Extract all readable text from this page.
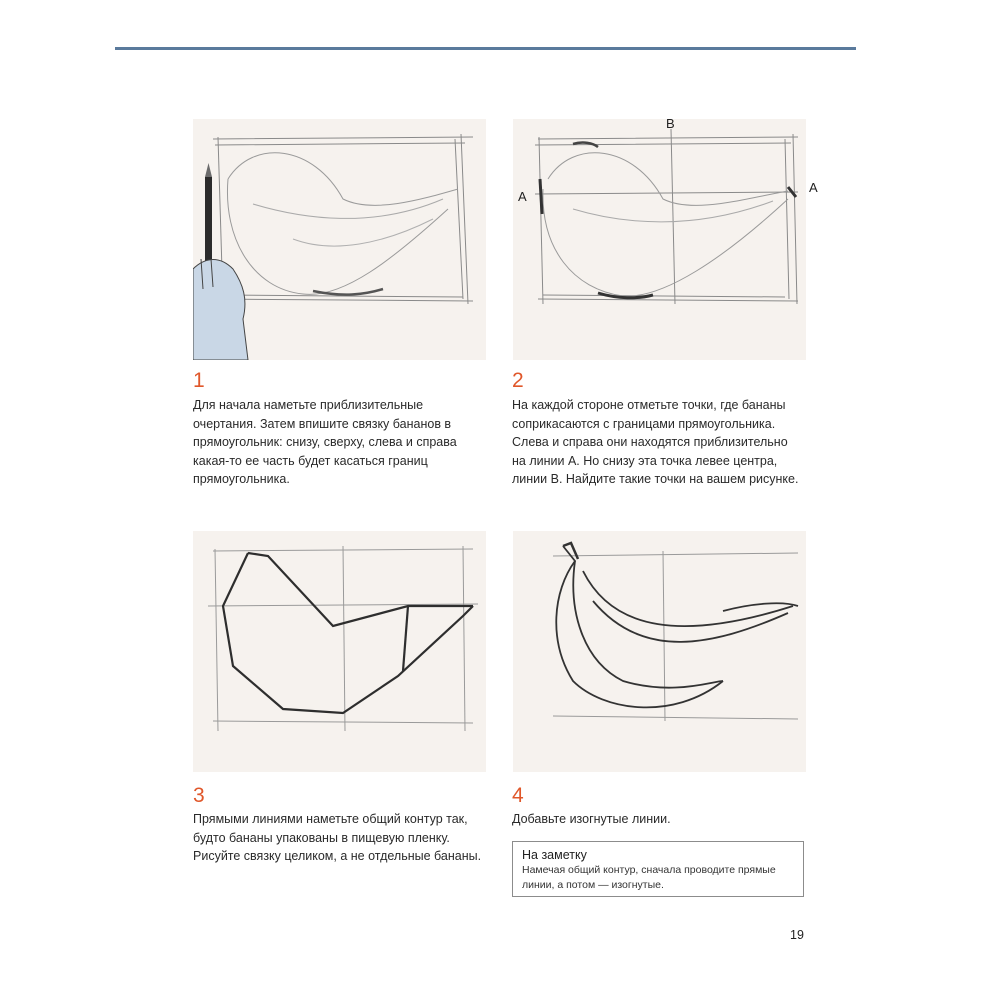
B
A
A
1	2
3	4
Для начала наметьте приблизительные очертания. Затем впишите связку бананов в прямоугольник: снизу, сверху, слева и справа какая-то ее часть будет касаться границ прямоугольника.
На каждой стороне отметьте точки, где бананы соприкасаются с границами прямоугольника. Слева и справа они находятся приблизительно на линии А. Но снизу эта точка левее центра, линии В. Найдите такие точки на вашем рисунке.
Прямыми линиями наметьте общий контур так, будто бананы упакованы в пищевую пленку. Рисуйте связку целиком, а не отдельные бананы.
Добавьте изогнутые линии.
На заметку
Намечая общий контур, сначала проводите прямые линии, а потом — изогнутые.
19
